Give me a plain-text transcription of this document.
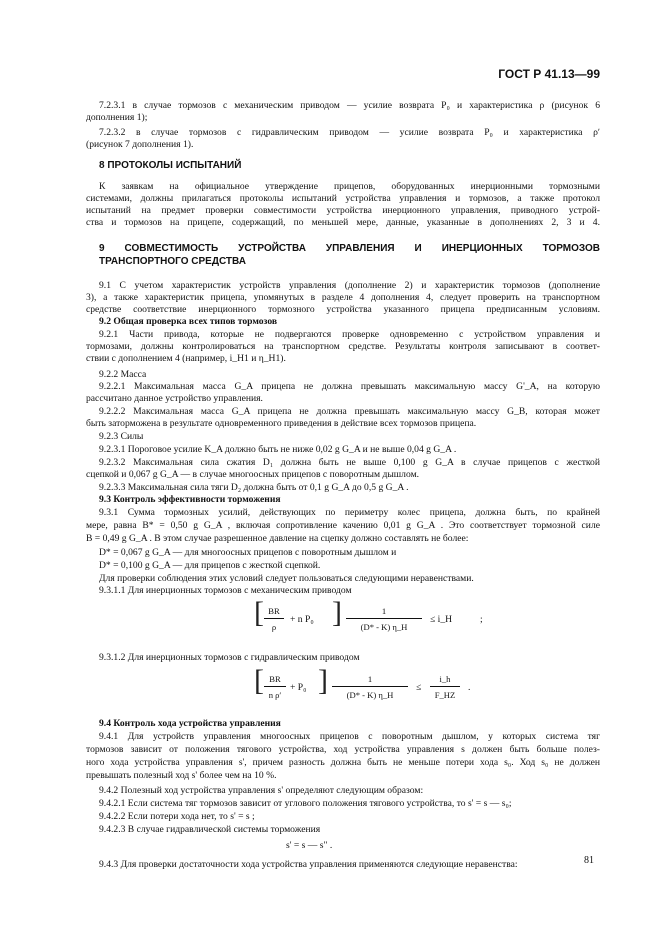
ГОСТ Р 41.13—99
7.2.3.1 в случае тормозов с механическим приводом — усилие возврата P₀ и характеристика ρ (рисунок 6
дополнения 1);
7.2.3.2 в случае тормозов с гидравлическим приводом — усилие возврата P₀ и характеристика ρʹ
(рисунок 7 дополнения 1).
8 ПРОТОКОЛЫ ИСПЫТАНИЙ
К заявкам на официальное утверждение прицепов, оборудованных инерционными тормозными
системами, должны прилагаться протоколы испытаний устройства управления и тормозов, а также протокол
испытаний на предмет проверки совместимости устройства инерционного управления, приводного устрой-
ства и тормозов на прицепе, содержащий, по меньшей мере, данные, указанные в дополнениях 2, 3 и 4.
9 СОВМЕСТИМОСТЬ УСТРОЙСТВА УПРАВЛЕНИЯ И ИНЕРЦИОННЫХ ТОРМОЗОВ
ТРАНСПОРТНОГО СРЕДСТВА
9.1 С учетом характеристик устройств управления (дополнение 2) и характеристик тормозов (дополнение
3), а также характеристик прицепа, упомянутых в разделе 4 дополнения 4, следует проверить на транспортном
средстве соответствие инерционного тормозного устройства указанного прицепа предписанным условиям.
9.2 Общая проверка всех типов тормозов
9.2.1 Части привода, которые не подвергаются проверке одновременно с устройством управления и
тормозами, должны контролироваться на транспортном средстве. Результаты контроля записывают в соответ-
ствии с дополнением 4 (например, i_H1 и η_H1).
9.2.2 Масса
9.2.2.1 Максимальная масса G_A прицепа не должна превышать максимальную массу G'_A, на которую
рассчитано данное устройство управления.
9.2.2.2 Максимальная масса G_A прицепа не должна превышать максимальную массу G_B, которая может
быть заторможена в результате одновременного приведения в действие всех тормозов прицепа.
9.2.3 Силы
9.2.3.1 Пороговое усилие K_A должно быть не ниже 0,02 g G_A и не выше 0,04 g G_A .
9.2.3.2 Максимальная сила сжатия D₁ должна быть не выше 0,100 g G_A в случае прицепов с жесткой
сцепкой и 0,067 g G_A — в случае многоосных прицепов с поворотным дышлом.
9.2.3.3 Максимальная сила тяги D₂ должна быть от 0,1 g G_A до 0,5 g G_A .
9.3 Контроль эффективности торможения
9.3.1 Сумма тормозных усилий, действующих по периметру колес прицепа, должна быть, по крайней
мере, равна B* = 0,50 g G_A , включая сопротивление качению 0,01 g G_A . Это соответствует тормозной силе
B = 0,49 g G_A . В этом случае разрешенное давление на сцепку должно составлять не более:
D* = 0,067 g G_A — для многоосных прицепов с поворотным дышлом и
D* = 0,100 g G_A — для прицепов с жесткой сцепкой.
Для проверки соблюдения этих условий следует пользоваться следующими неравенствами.
9.3.1.1 Для инерционных тормозов с механическим приводом
[ BR
ρ
+ n P₀ ]	1
(D* - K) η_H
≤ i_H	;
9.3.1.2 Для инерционных тормозов с гидравлическим приводом
[ BR
n ρʹ
+ P₀ ]	1
(D* - K) η_H
≤
i_h
F_HZ
.
9.4 Контроль хода устройства управления
9.4.1 Для устройств управления многоосных прицепов с поворотным дышлом, у которых система тяг
тормозов зависит от положения тягового устройства, ход устройства управления s должен быть больше полез-
ного хода устройства управления s', причем разность должна быть не меньше потери хода s₀. Ход s₀ не должен
превышать полезный ход s' более чем на 10 %.
9.4.2 Полезный ход устройства управления s' определяют следующим образом:
9.4.2.1 Если система тяг тормозов зависит от углового положения тягового устройства, то s' = s — s₀;
9.4.2.2 Если потери хода нет, то s' = s ;
9.4.2.3 В случае гидравлической системы торможения
s' = s — s" .
9.4.3 Для проверки достаточности хода устройства управления применяются следующие неравенства:	81
